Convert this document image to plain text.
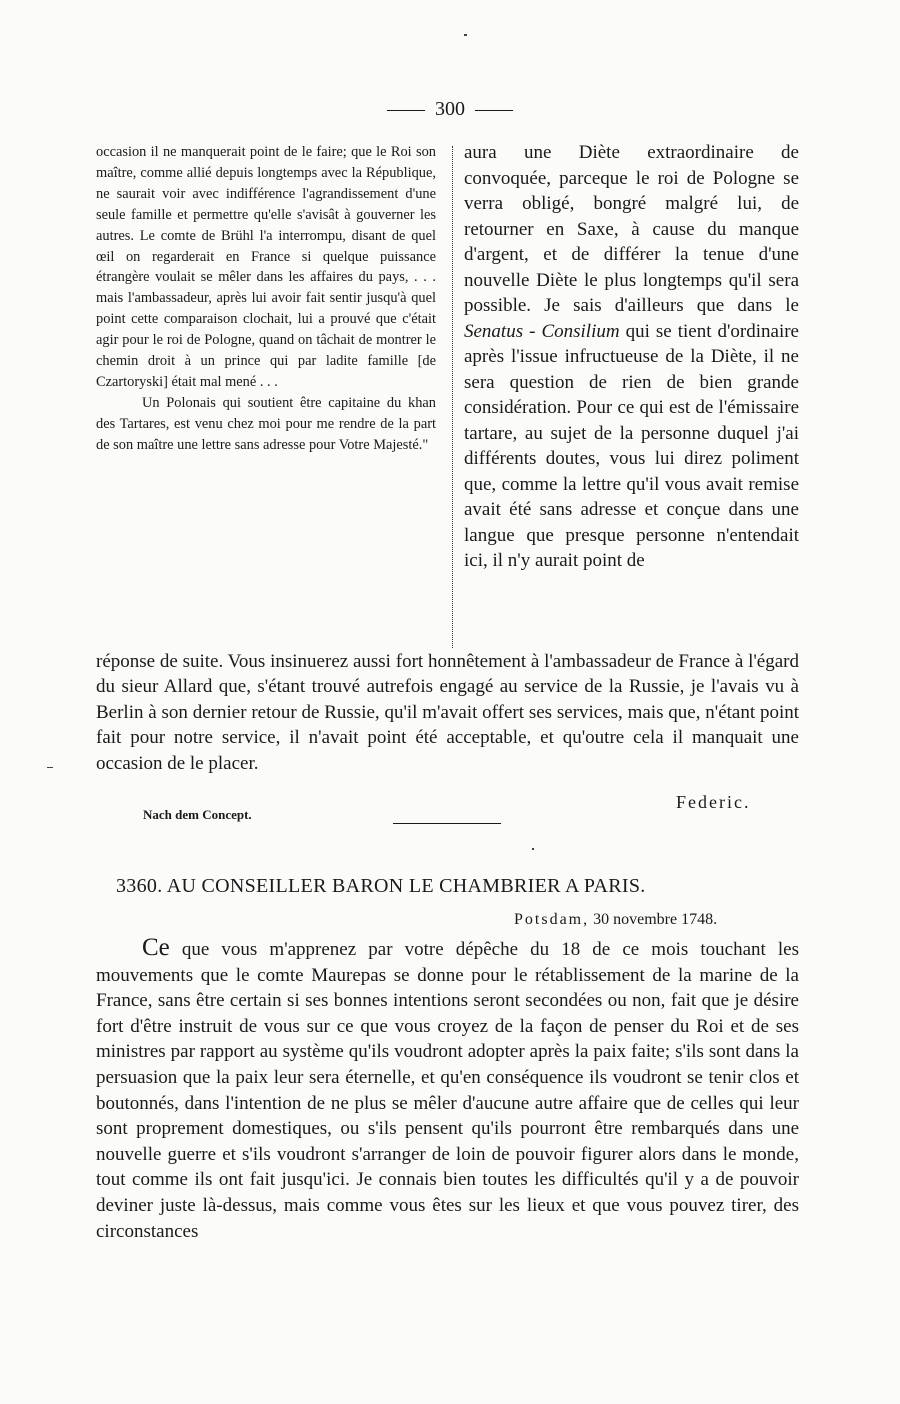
300

occasion il ne manquerait point de le faire; que le Roi son maître, comme allié depuis longtemps avec la République, ne saurait voir avec indifférence l'agrandissement d'une seule famille et permettre qu'elle s'avisât à gouverner les autres. Le comte de Brühl l'a interrompu, disant de quel œil on regarderait en France si quelque puissance étrangère voulait se mêler dans les affaires du pays, . . . mais l'ambassadeur, après lui avoir fait sentir jusqu'à quel point cette comparaison clochait, lui a prouvé que c'était agir pour le roi de Pologne, quand on tâchait de montrer le chemin droit à un prince qui par ladite famille [de Czartoryski] était mal mené . . .

Un Polonais qui soutient être capitaine du khan des Tartares, est venu chez moi pour me rendre de la part de son maître une lettre sans adresse pour Votre Majesté."

aura une Diète extraordinaire de convoquée, parceque le roi de Pologne se verra obligé, bongré malgré lui, de retourner en Saxe, à cause du manque d'argent, et de différer la tenue d'une nouvelle Diète le plus longtemps qu'il sera possible. Je sais d'ailleurs que dans le Senatus - Consilium qui se tient d'ordinaire après l'issue infructueuse de la Diète, il ne sera question de rien de bien grande considération. Pour ce qui est de l'émissaire tartare, au sujet de la personne duquel j'ai différents doutes, vous lui direz poliment que, comme la lettre qu'il vous avait remise avait été sans adresse et conçue dans une langue que presque personne n'entendait ici, il n'y aurait point de

réponse de suite. Vous insinuerez aussi fort honnêtement à l'ambassadeur de France à l'égard du sieur Allard que, s'étant trouvé autrefois engagé au service de la Russie, je l'avais vu à Berlin à son dernier retour de Russie, qu'il m'avait offert ses services, mais que, n'étant point fait pour notre service, il n'avait point été acceptable, et qu'outre cela il manquait une occasion de le placer.

Federic.
Nach dem Concept.
3360. AU CONSEILLER BARON LE CHAMBRIER A PARIS.
Potsdam, 30 novembre 1748.

Ce que vous m'apprenez par votre dépêche du 18 de ce mois touchant les mouvements que le comte Maurepas se donne pour le rétablissement de la marine de la France, sans être certain si ses bonnes intentions seront secondées ou non, fait que je désire fort d'être instruit de vous sur ce que vous croyez de la façon de penser du Roi et de ses ministres par rapport au système qu'ils voudront adopter après la paix faite; s'ils sont dans la persuasion que la paix leur sera éternelle, et qu'en conséquence ils voudront se tenir clos et boutonnés, dans l'intention de ne plus se mêler d'aucune autre affaire que de celles qui leur sont proprement domestiques, ou s'ils pensent qu'ils pourront être rembarqués dans une nouvelle guerre et s'ils voudront s'arranger de loin de pouvoir figurer alors dans le monde, tout comme ils ont fait jusqu'ici. Je connais bien toutes les difficultés qu'il y a de pouvoir deviner juste là-dessus, mais comme vous êtes sur les lieux et que vous pouvez tirer, des circonstances
